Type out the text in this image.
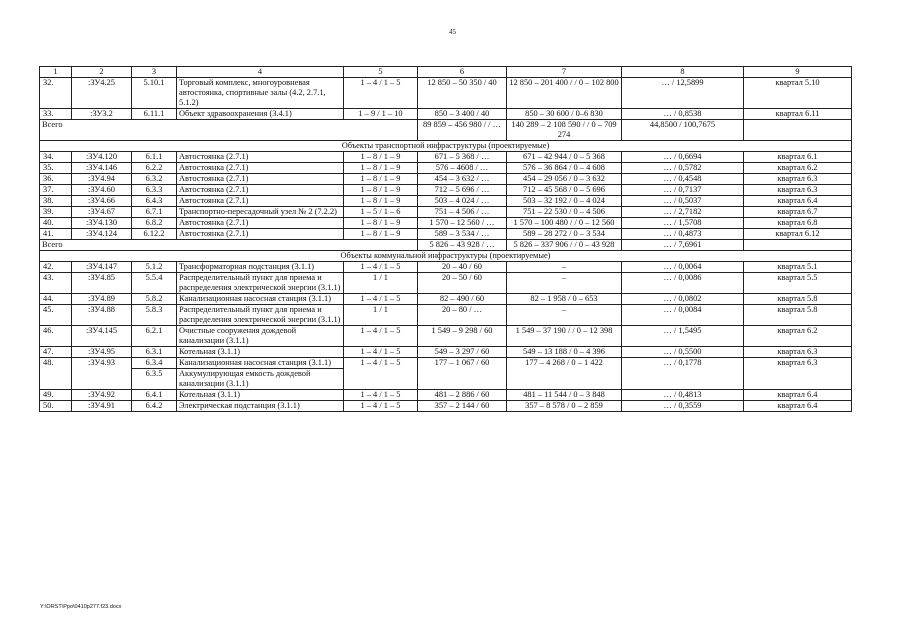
45
1	2	3	4	5	6	7	8	9
32.	:ЗУ4.25	5.10.1	Торговый комплекс, многоуровневая автостоянка, спортивные залы (4.2, 2.7.1, 5.1.2)	1 – 4 / 1 – 5	12 850 – 50 350 / 40	12 850 – 201 400 / / 0 – 102 800	… / 12,5899	квартал 5.10
33.	:ЗУ3.2	6.11.1	Объект здравоохранения (3.4.1)	1 – 9 / 1 – 10	850 – 3 400 / 40	850 – 30 600 / 0–6 830	… / 0,8538	квартал 6.11
Всего					89 859 – 456 980 / / …	140 289 – 2 108 590 / / 0 – 709 274	44,8500 / 100,7675	
Объекты транспортной инфраструктуры (проектируемые)								
34.	:ЗУ4.120	6.1.1	Автостоянка (2.7.1)	1 – 8 / 1 – 9	671 – 5 368 / …	671 – 42 944 / 0 – 5 368	… / 0,6694	квартал 6.1
35.	:ЗУ4.146	6.2.2	Автостоянка (2.7.1)	1 – 8 / 1 – 9	576 – 4608 / …	576 – 36 864 / 0 – 4 608	… / 0,5782	квартал 6.2
36.	:ЗУ4.94	6.3.2	Автостоянка (2.7.1)	1 – 8 / 1 – 9	454 – 3 632 / …	454 – 29 056 / 0 – 3 632	… / 0,4548	квартал 6.3
37.	:ЗУ4.60	6.3.3	Автостоянка (2.7.1)	1 – 8 / 1 – 9	712 – 5 696 / …	712 – 45 568 / 0 – 5 696	… / 0,7137	квартал 6.3
38.	:ЗУ4.66	6.4.3	Автостоянка (2.7.1)	1 – 8 / 1 – 9	503 – 4 024 / …	503 – 32 192 / 0 – 4 024	… / 0,5037	квартал 6.4
39.	:ЗУ4.67	6.7.1	Транспортно-пересадочный узел № 2 (7.2.2)	1 – 5 / 1 – 6	751 – 4 506 / …	751 – 22 530 / 0 – 4 506	… / 2,7182	квартал 6.7
40.	:ЗУ4.130	6.8.2	Автостоянка (2.7.1)	1 – 8 / 1 – 9	1 570 – 12 560 / …	1 570 – 100 480 / / 0 – 12 560	… / 1,5708	квартал 6.8
41.	:ЗУ4.124	6.12.2	Автостоянка (2.7.1)	1 – 8 / 1 – 9	589 – 3 534 / …	589 – 28 272 / 0 – 3 534	… / 0,4873	квартал 6.12
Всего					5 826 – 43 928 / …	5 826 – 337 906 / / 0 – 43 928	… / 7,6961	
Объекты коммунальной инфраструктуры (проектируемые)								
42.	:ЗУ4.147	5.1.2	Трансформаторная подстанция (3.1.1)	1 – 4 / 1 – 5	20 – 40 / 60	–	… / 0,0064	квартал 5.1
43.	:ЗУ4.85	5.5.4	Распределительный пункт для приема и распределения электрической энергии (3.1.1)	1 / 1	20 – 50 / 60	–	… / 0,0086	квартал 5.5
44.	:ЗУ4.89	5.8.2	Канализационная насосная станция (3.1.1)	1 – 4 / 1 – 5	82 – 490 / 60	82 – 1 958 / 0 – 653	… / 0,0802	квартал 5.8
45.	:ЗУ4.88	5.8.3	Распределительный пункт для приема и распределения электрической энергии (3.1.1)	1 / 1	20 – 80 / …	–	… / 0,0084	квартал 5.8
46.	:ЗУ4.145	6.2.1	Очистные сооружения дождевой канализации (3.1.1)	1 – 4 / 1 – 5	1 549 – 9 298 / 60	1 549 – 37 190 / / 0 – 12 398	… / 1,5495	квартал 6.2
47.	:ЗУ4.95	6.3.1	Котельная (3.1.1)	1 – 4 / 1 – 5	549 – 3 297 / 60	549 – 13 188 / 0 – 4 396	… / 0,5500	квартал 6.3
48.	:ЗУ4.93	6.3.4	Канализационная насосная станция (3.1.1)	1 – 4 / 1 – 5	177 – 1 067 / 60	177 – 4 268 / 0 – 1 422	… / 0,1778	квартал 6.3
		6.3.5	Аккумулирующая емкость дождевой канализации (3.1.1)					
49.	:ЗУ4.92	6.4.1	Котельная (3.1.1)	1 – 4 / 1 – 5	481 – 2 886 / 60	481 – 11 544 / 0 – 3 848	… / 0,4813	квартал 6.4
50.	:ЗУ4.91	6.4.2	Электрическая подстанция (3.1.1)	1 – 4 / 1 – 5	357 – 2 144 / 60	357 – 8 578 / 0 – 2 859	… / 0,3559	квартал 6.4
Y:\ORST\Ppo\0410p277.f23.docx
